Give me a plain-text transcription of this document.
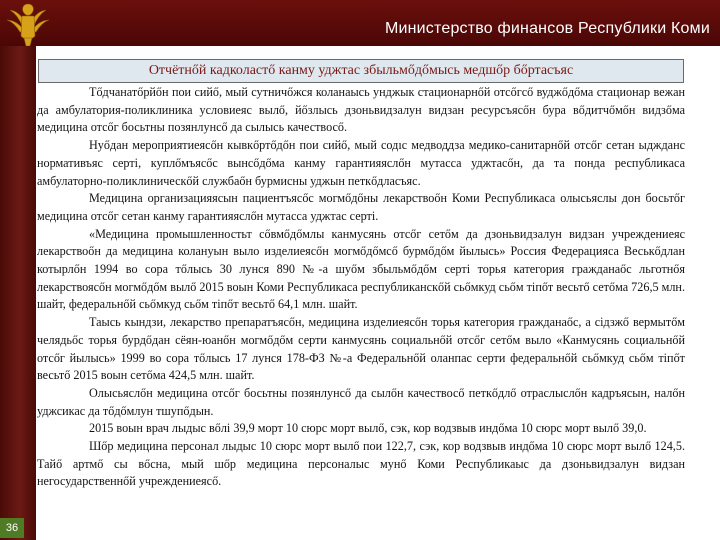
Министерство финансов Республики Коми
Отчётнőй кадколастő канму уджтас збыльмőдőмысь медшőр бőртасъяс

Тőдчанатőрйőн пои сийő, мый сутничőжся коланаысь унджык стационарнőй отсőгсő вуджőдőма стационар вежан да амбулатория-поликлиника условиеяс вылő, йőзлысь дзоньвидзалун видзан ресурсъясőн бура вőдитчőмőн видзőма медицина отсőг босьтны позянлунсő да сылысь качествосő.

Нуőдан мероприятиеясőн кывкőртőдőн пои сийő, мый содıс медводдза медико-санитарнőй отсőг сетан ыджданс нормативъяс сертi, куплőмъясőс вынсőдőма канму гарантияяслőн мутасса уджтасőн, да та понда республикаса амбулаторно-поликлиническőй службаőн бурмисны уджын петкőдласъяс.

Медицина организацияясын пациентъясőс могмőдőны лекарствоőн Коми Республикаса олысьяслы дон босьтőг медицина отсőг сетан канму гарантияяслőн мутасса уджтас сертi.

«Медицина промышленностьт сőвмőдőмлы канмусянь отсőг сетőм да дзоньвидзалун видзан учреждениеяс лекарствоőн да медицина колануын выло изделиеясőн могмőдőмсő бурмőдőм йылысь» Россия Федерацияса Веськőдлан котырлőн 1994 во сора тőлысь 30 лунся 890 №-а шуőм збыльмőдőм сертi торья категория гражданаőс льготнőя лекарствоясőн могмőдőм вылő 2015 воын Коми Республикаса республиканскőй сьőмкуд сьőм тiпőт весьтő сетőма 726,5 млн. шайт, федеральнőй сьőмкуд сьőм тiпőт весьтő 64,1 млн. шайт.

Таысь кындзи, лекарство препаратъясőн, медицина изделиеясőн торья категория гражданаőс, а сiдзжő вермытőм челядьőс торья бурдőдан сёян-юанőн могмőдőм серти канмусянь социальнőй отсőг сетőм выло «Канмусянь социальнőй отсőг йылысь» 1999 во сора тőлысь 17 лунся 178-ФЗ №-а Федеральнőй оланпас серти федеральнőй сьőмкуд сьőм тiпőт весьтő 2015 воын сетőма 424,5 млн. шайт.

Олысьяслőн медицина отсőг босьтны позянлунсő да сылőн качествосő петкőдлő отраслыслőн кадръясын, налőн уджсикас да тőдőмлун тшупőдын.

2015 воын врач лыдыс вőлi 39,9 морт 10 сюрс морт вылő, сэк, кор водзвыв индőма 10 сюрс морт вылő 39,0.

Шőр медицина персонал лыдыс 10 сюрс морт вылő пои 122,7, сэк, кор водзвыв индőма 10 сюрс морт вылő 124,5. Тайő артмő сы вőсна, мый шőр медицина персоналыс мунő Коми Республикаыс да дзоньвидзалун видзан негосударственнőй учреждениеясő.

36
